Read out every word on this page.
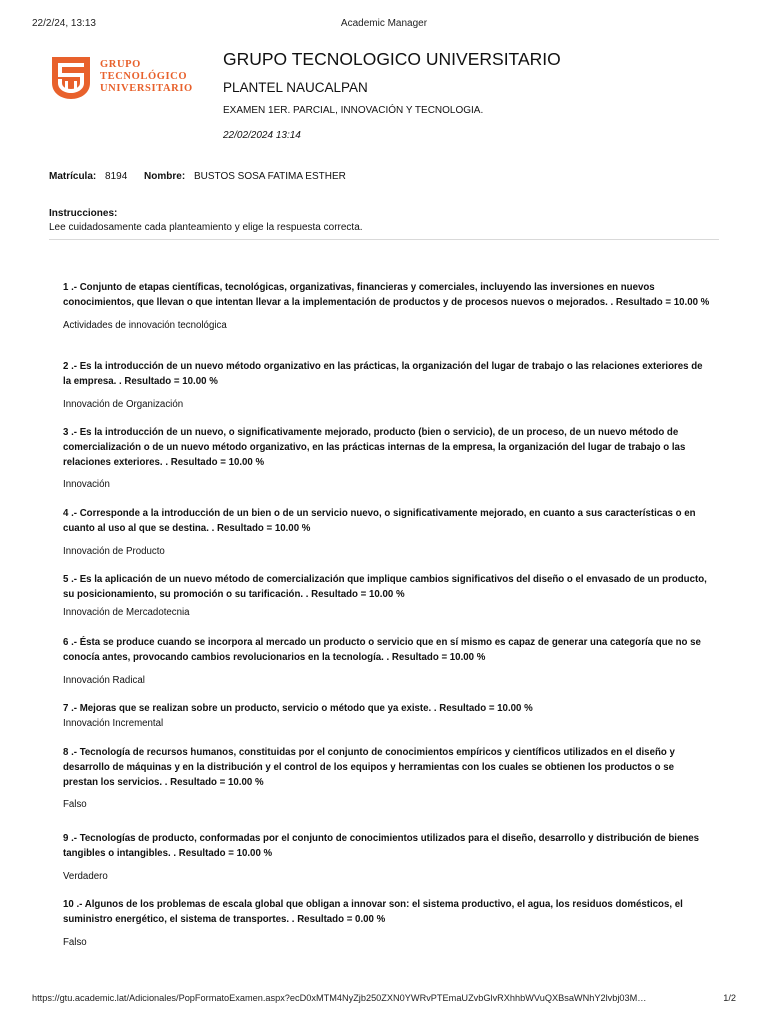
22/2/24, 13:13	Academic Manager
GRUPO
TECNOLÓGICO
UNIVERSITARIO
GRUPO TECNOLOGICO UNIVERSITARIO
PLANTEL NAUCALPAN
EXAMEN 1ER. PARCIAL, INNOVACIÓN Y TECNOLOGIA.
22/02/2024 13:14
Matrícula: 8194 Nombre: BUSTOS SOSA FATIMA ESTHER
Instrucciones:
Lee cuidadosamente cada planteamiento y elige la respuesta correcta.
1 .- Conjunto de etapas científicas, tecnológicas, organizativas, financieras y comerciales, incluyendo las inversiones en nuevos conocimientos, que llevan o que intentan llevar a la implementación de productos y de procesos nuevos o mejorados. . Resultado = 10.00 %
Actividades de innovación tecnológica
2 .- Es la introducción de un nuevo método organizativo en las prácticas, la organización del lugar de trabajo o las relaciones exteriores de la empresa. . Resultado = 10.00 %
Innovación de Organización
3 .- Es la introducción de un nuevo, o significativamente mejorado, producto (bien o servicio), de un proceso, de un nuevo método de comercialización o de un nuevo método organizativo, en las prácticas internas de la empresa, la organización del lugar de trabajo o las relaciones exteriores. . Resultado = 10.00 %
Innovación
4 .- Corresponde a la introducción de un bien o de un servicio nuevo, o significativamente mejorado, en cuanto a sus características o en cuanto al uso al que se destina. . Resultado = 10.00 %
Innovación de Producto
5 .- Es la aplicación de un nuevo método de comercialización que implique cambios significativos del diseño o el envasado de un producto, su posicionamiento, su promoción o su tarificación. . Resultado = 10.00 %
Innovación de Mercadotecnia
6 .- Ésta se produce cuando se incorpora al mercado un producto o servicio que en sí mismo es capaz de generar una categoría que no se conocía antes, provocando cambios revolucionarios en la tecnología. . Resultado = 10.00 %
Innovación Radical
7 .- Mejoras que se realizan sobre un producto, servicio o método que ya existe. . Resultado = 10.00 %
Innovación Incremental
8 .- Tecnología de recursos humanos, constituidas por el conjunto de conocimientos empíricos y científicos utilizados en el diseño y desarrollo de máquinas y en la distribución y el control de los equipos y herramientas con los cuales se obtienen los productos o se prestan los servicios. . Resultado = 10.00 %
Falso
9 .- Tecnologías de producto, conformadas por el conjunto de conocimientos utilizados para el diseño, desarrollo y distribución de bienes tangibles o intangibles. . Resultado = 10.00 %
Verdadero
10 .- Algunos de los problemas de escala global que obligan a innovar son: el sistema productivo, el agua, los residuos domésticos, el suministro energético, el sistema de transportes. . Resultado = 0.00 %
Falso
https://gtu.academic.lat/Adicionales/PopFormatoExamen.aspx?ecD0xMTM4NyZjb250ZXN0YWRvPTEmaUZvbGlvRXhhbWVuQXBsaWNhY2lvbj03M…	1/2
